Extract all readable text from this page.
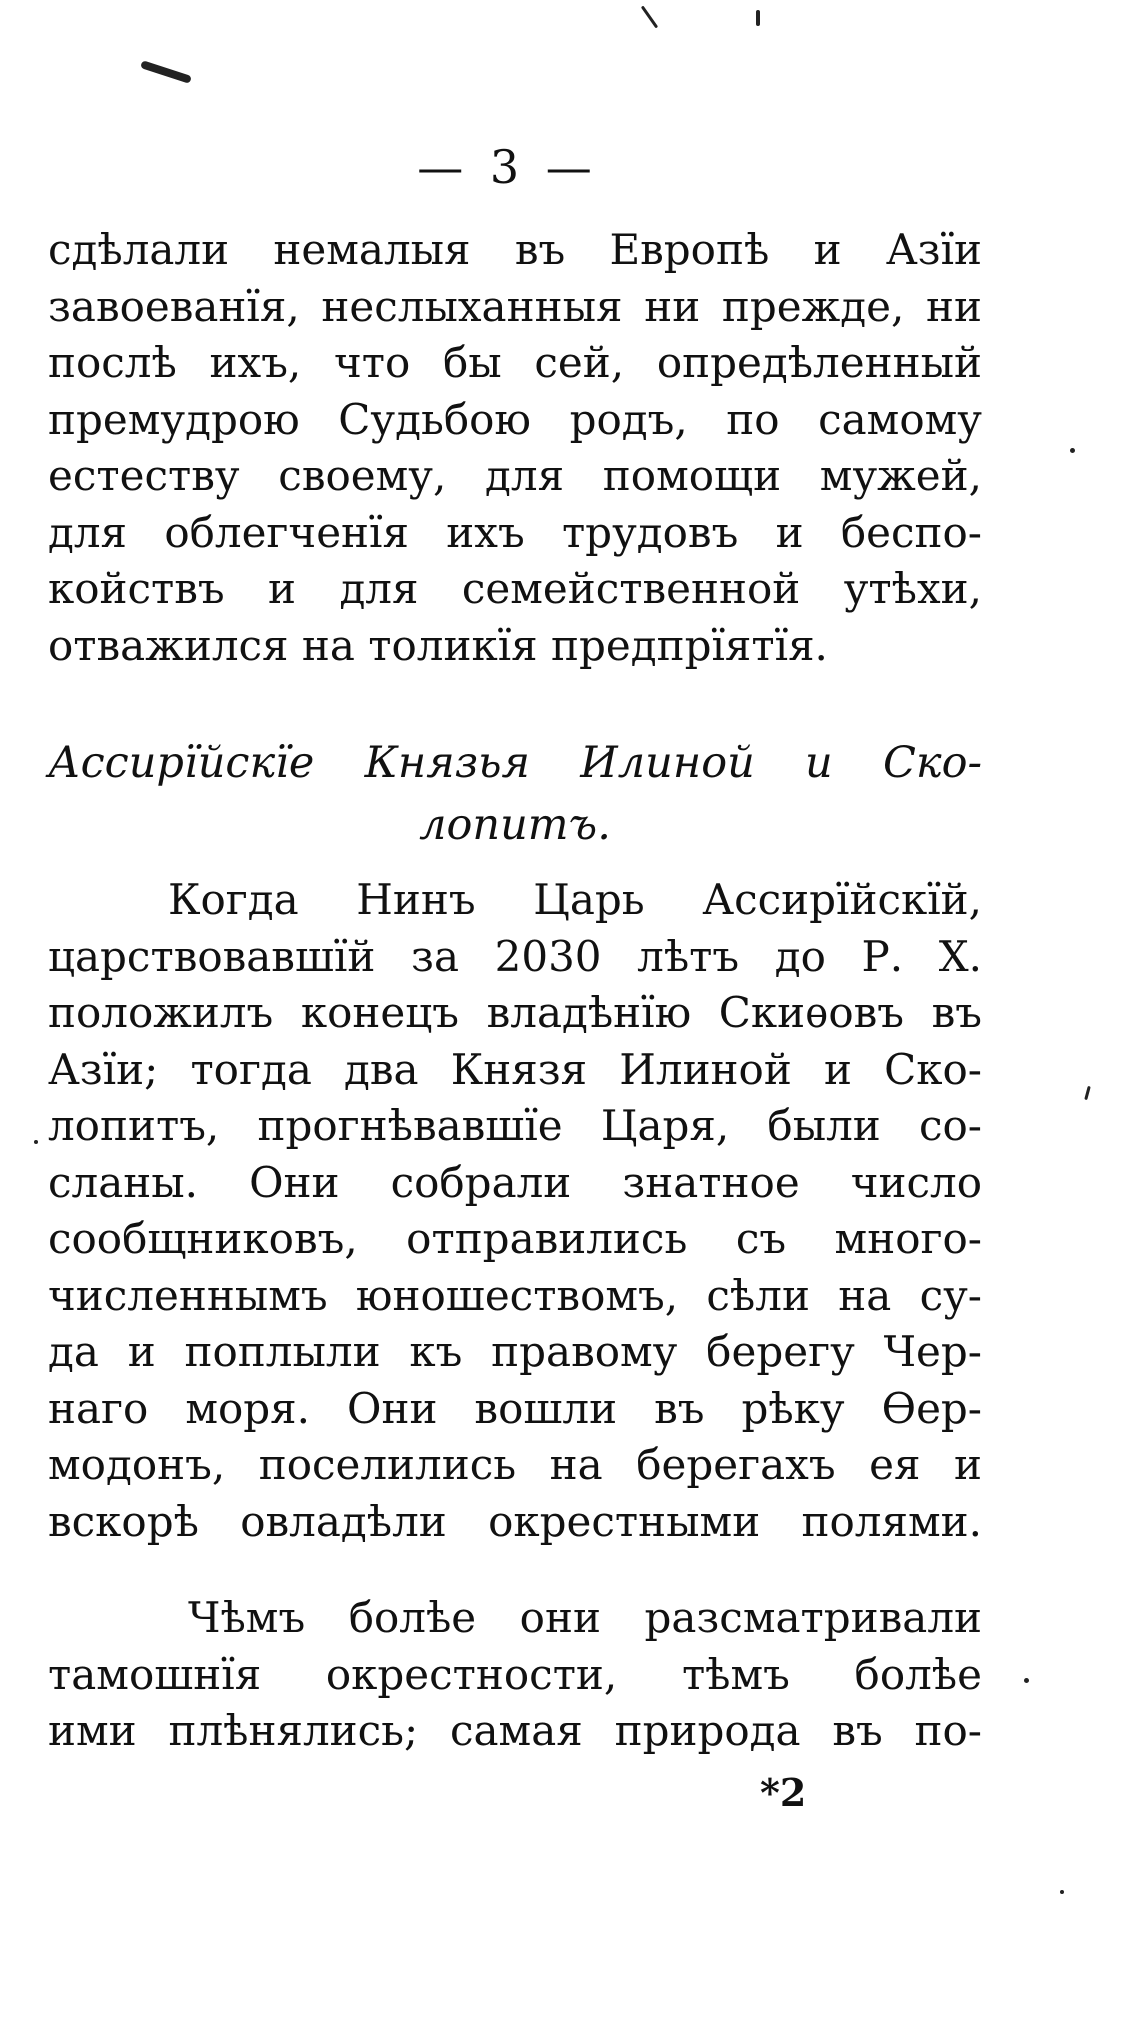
— 3 —
сдѣлали немалыя въ Европѣ и Азїи
завоеванїя, неслыханныя ни прежде, ни
послѣ ихъ, что бы сей, опредѣленный
премудрою Судьбою родъ, по самому
естеству своему, для помощи мужей,
для облегченїя ихъ трудовъ и беспо-
койствъ и для семейственной утѣхи,
отважился на толикїя предпрїятїя.
Ассирїйскїе Князья Илиной и Ско-
лопитъ.
Когда Нинъ Царь Ассирїйскїй,
царствовавшїй за 2030 лѣтъ до Р. Х.
положилъ конецъ владѣнїю Скиѳовъ въ
Азїи; тогда два Князя Илиной и Ско-
лопитъ, прогнѣвавшїе Царя, были со-
сланы. Они собрали знатное число
сообщниковъ, отправились съ много-
численнымъ юношествомъ, сѣли на су-
да и поплыли къ правому берегу Чер-
наго моря. Они вошли въ рѣку Ѳер-
модонъ, поселились на берегахъ ея и
вскорѣ овладѣли окрестными полями.
Чѣмъ болѣе они разсматривали
тамошнїя окрестности, тѣмъ болѣе
ими плѣнялись; самая природа въ по-
*2
